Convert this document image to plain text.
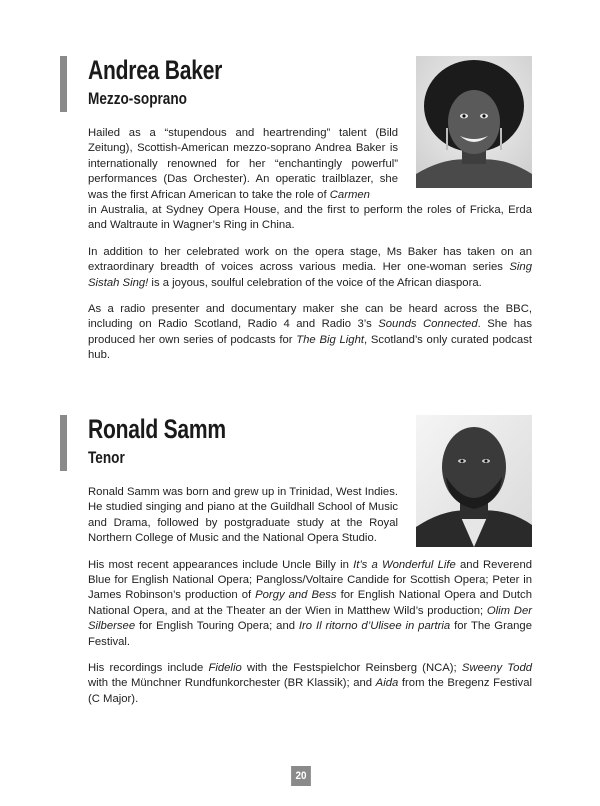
Andrea Baker
Mezzo-soprano

Hailed as a “stupendous and heartrending” talent (Bild Zeitung), Scottish-American mezzo-soprano Andrea Baker is internationally renowned for her “enchantingly powerful” performances (Das Orchester). An operatic trailblazer, she was the first African American to take the role of Carmen

in Australia, at Sydney Opera House, and the first to perform the roles of Fricka, Erda and Waltraute in Wagner’s Ring in China.

In addition to her celebrated work on the opera stage, Ms Baker has taken on an extraordinary breadth of voices across various media. Her one-woman series Sing Sistah Sing! is a joyous, soulful celebration of the voice of the African diaspora.

As a radio presenter and documentary maker she can be heard across the BBC, including on Radio Scotland, Radio 4 and Radio 3’s Sounds Connected. She has produced her own series of podcasts for The Big Light, Scotland’s only curated podcast hub.

Ronald Samm
Tenor

Ronald Samm was born and grew up in Trinidad, West Indies. He studied singing and piano at the Guildhall School of Music and Drama, followed by postgraduate study at the Royal Northern College of Music and the National Opera Studio.

His most recent appearances include Uncle Billy in It’s a Wonderful Life and Reverend Blue for English National Opera; Pangloss/Voltaire Candide for Scottish Opera; Peter in James Robinson’s production of Porgy and Bess for English National Opera and Dutch National Opera, and at the Theater an der Wien in Matthew Wild’s production; Olim Der Silbersee for English Touring Opera; and Iro Il ritorno d’Ulisee in partria for The Grange Festival.

His recordings include Fidelio with the Festspielchor Reinsberg (NCA); Sweeny Todd with the Münchner Rundfunkorchester (BR Klassik); and Aida from the Bregenz Festival (C Major).

20
